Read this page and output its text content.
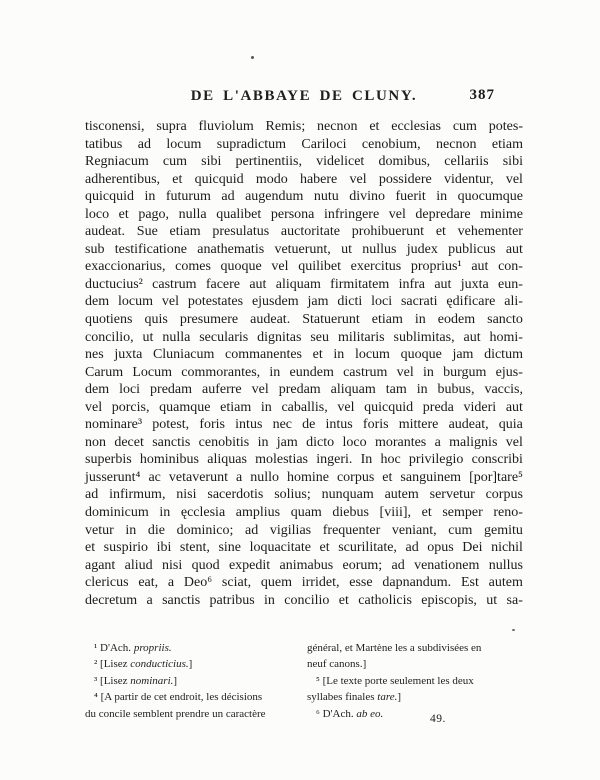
DE L'ABBAYE DE CLUNY.	387
tisconensi, supra fluviolum Remis; necnon et ecclesias cum potes-
tatibus ad locum supradictum Cariloci cenobium, necnon etiam
Regniacum cum sibi pertinentiis, videlicet domibus, cellariis sibi
adherentibus, et quicquid modo habere vel possidere videntur, vel
quicquid in futurum ad augendum nutu divino fuerit in quocumque
loco et pago, nulla qualibet persona infringere vel depredare minime
audeat. Sue etiam presulatus auctoritate prohibuerunt et vehementer
sub testificatione anathematis vetuerunt, ut nullus judex publicus aut
exaccionarius, comes quoque vel quilibet exercitus proprius¹ aut con-
ductucius² castrum facere aut aliquam firmitatem infra aut juxta eun-
dem locum vel potestates ejusdem jam dicti loci sacrati ędificare ali-
quotiens quis presumere audeat. Statuerunt etiam in eodem sancto
concilio, ut nulla secularis dignitas seu militaris sublimitas, aut homi-
nes juxta Cluniacum commanentes et in locum quoque jam dictum
Carum Locum commorantes, in eundem castrum vel in burgum ejus-
dem loci predam auferre vel predam aliquam tam in bubus, vaccis,
vel porcis, quamque etiam in caballis, vel quicquid preda videri aut
nominare³ potest, foris intus nec de intus foris mittere audeat, quia
non decet sanctis cenobitis in jam dicto loco morantes a malignis vel
superbis hominibus aliquas molestias ingeri. In hoc privilegio conscribi
jusserunt⁴ ac vetaverunt a nullo homine corpus et sanguinem [por]tare⁵
ad infirmum, nisi sacerdotis solius; nunquam autem servetur corpus
dominicum in ęcclesia amplius quam diebus [viii], et semper reno-
vetur in die dominico; ad vigilias frequenter veniant, cum gemitu
et suspirio ibi stent, sine loquacitate et scurilitate, ad opus Dei nichil
agant aliud nisi quod expedit animabus eorum; ad venationem nullus
clericus eat, a Deo⁶ sciat, quem irridet, esse dapnandum. Est autem
decretum a sanctis patribus in concilio et catholicis episcopis, ut sa-
¹ D'Ach. propriis.
² [Lisez conducticius.]
³ [Lisez nominari.]
⁴ [A partir de cet endroit, les décisions
du concile semblent prendre un caractère
général, et Martène les a subdivisées en
neuf canons.]
⁵ [Le texte porte seulement les deux
syllabes finales tare.]
⁶ D'Ach. ab eo.	49.
